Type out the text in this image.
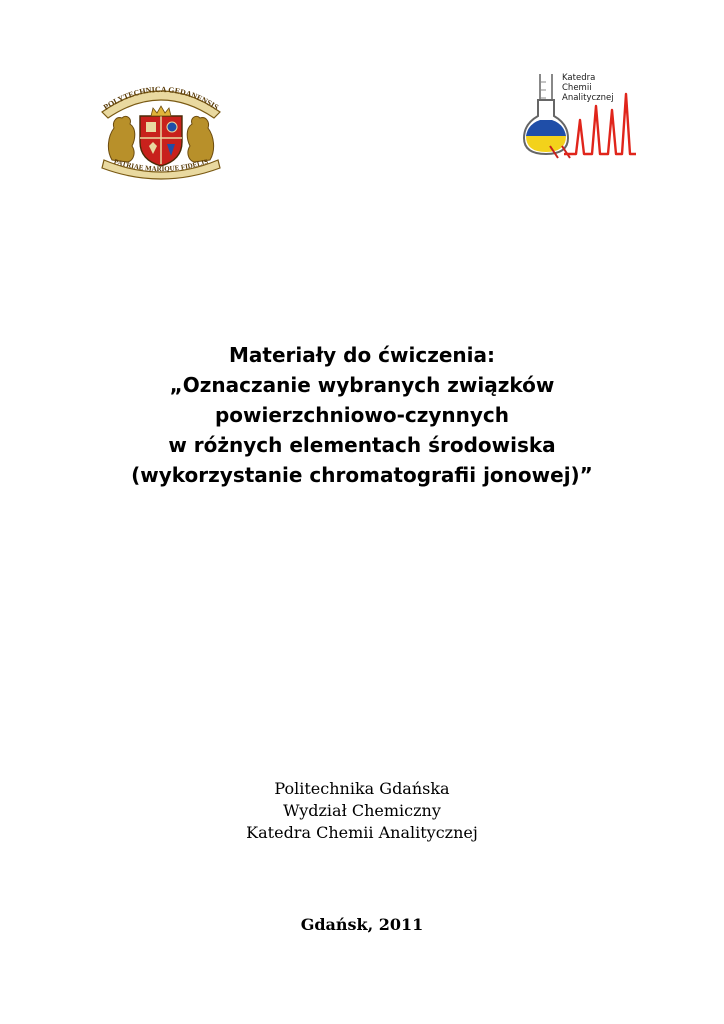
POLYTECHNICA GEDANENSIS
PATRIAE MARIQUE FIDELIS
Katedra
Chemii
Analitycznej
Materiały do ćwiczenia:
„Oznaczanie wybranych związków
powierzchniowo-czynnych
w różnych elementach środowiska
(wykorzystanie chromatografii jonowej)”
Politechnika Gdańska
Wydział Chemiczny
Katedra Chemii Analitycznej
Gdańsk, 2011
